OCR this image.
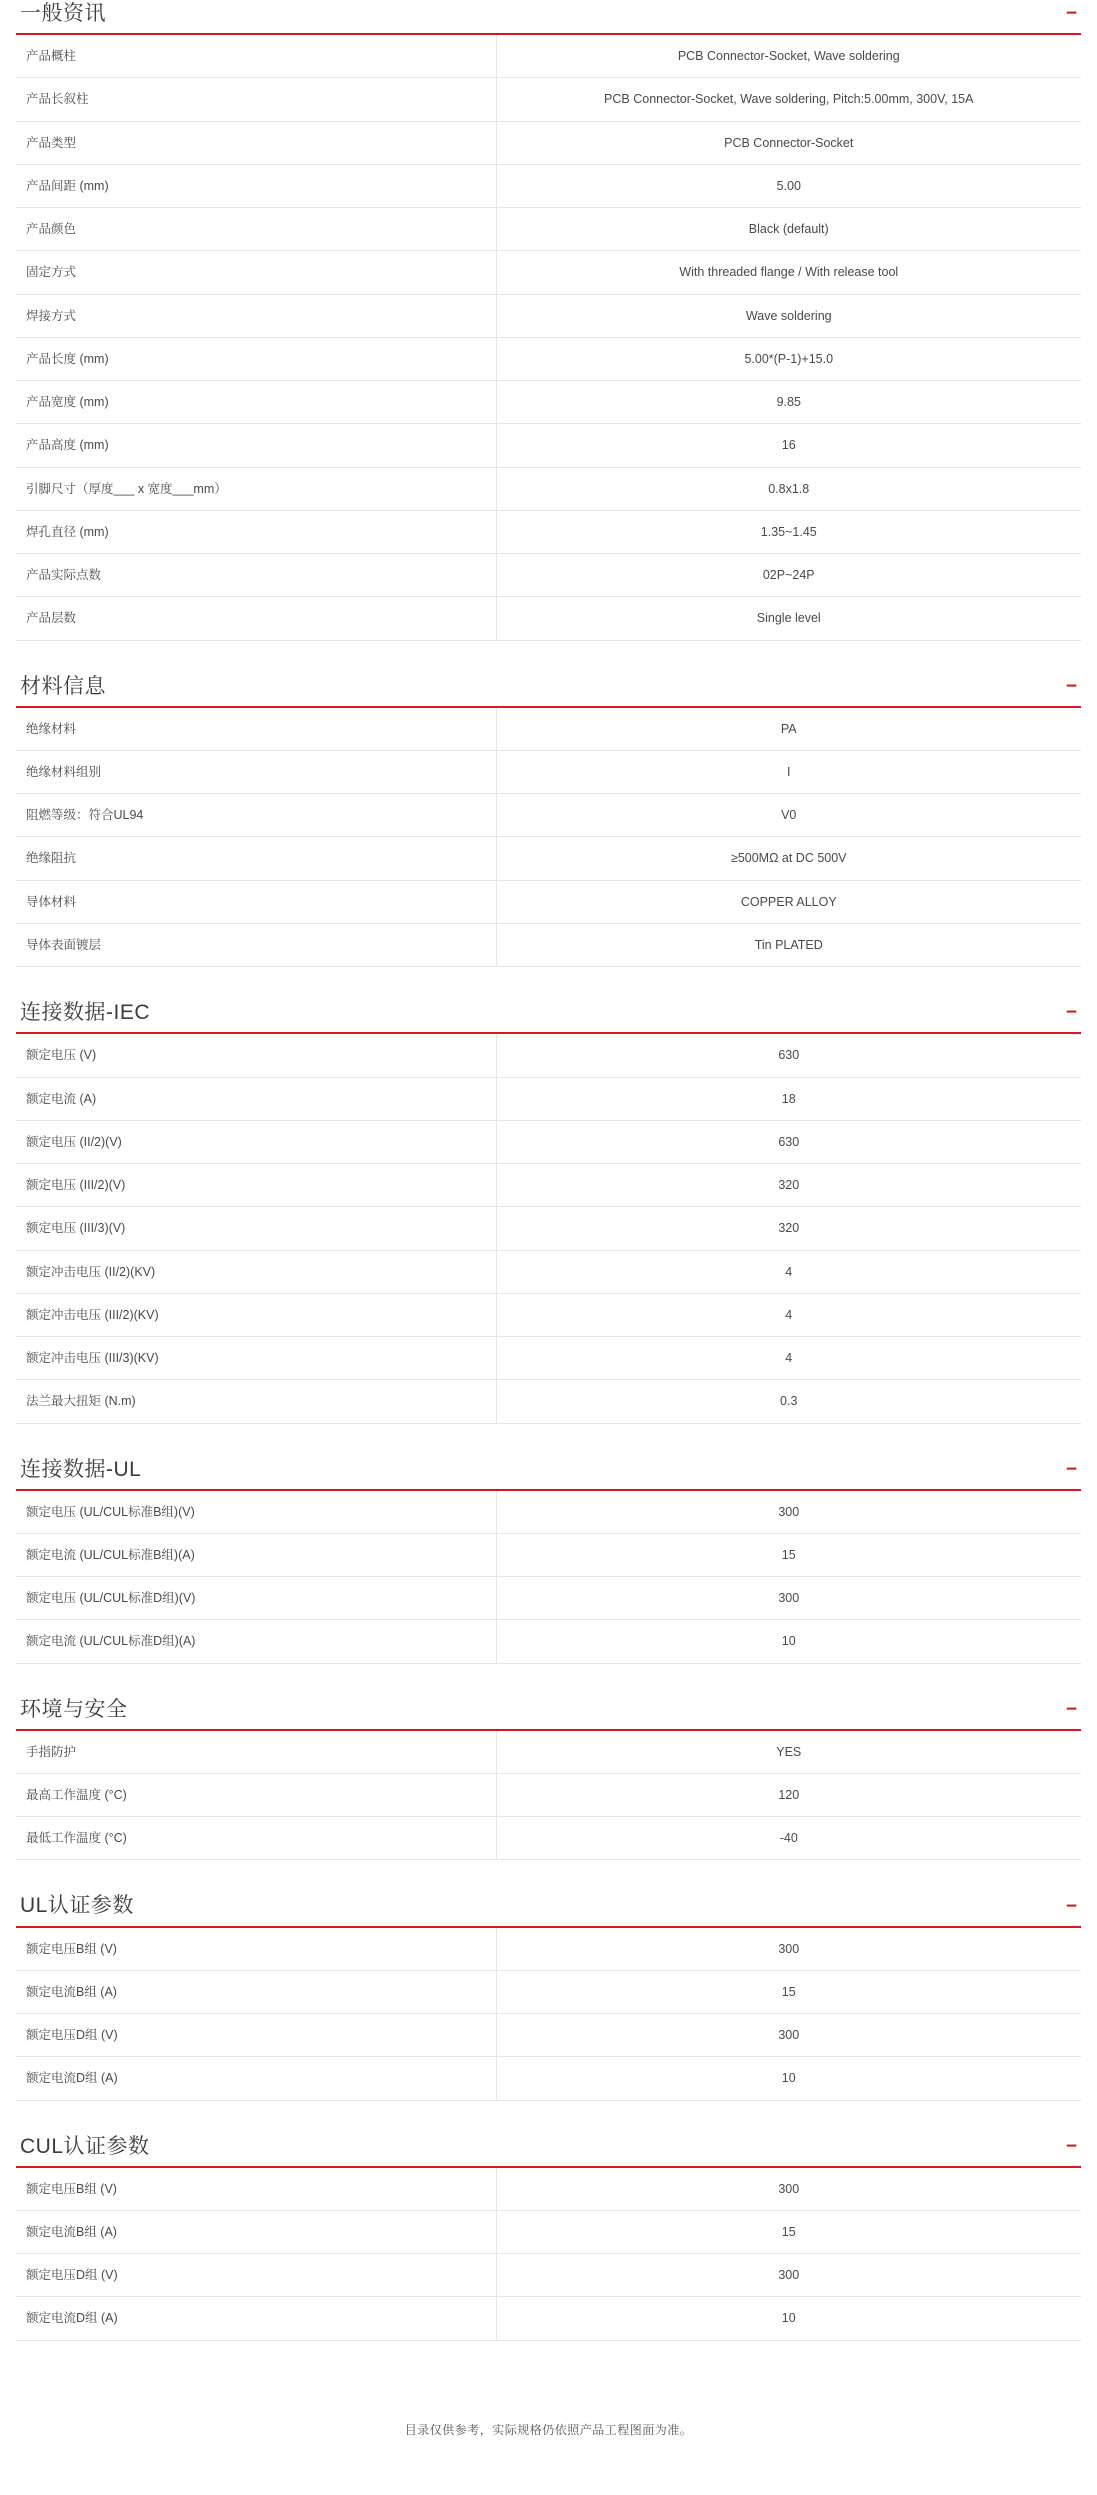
一般资讯	−
产品概柱	PCB Connector-Socket, Wave soldering
产品长叙柱	PCB Connector-Socket, Wave soldering, Pitch:5.00mm, 300V, 15A
产品类型	PCB Connector-Socket
产品间距 (mm)	5.00
产品颜色	Black (default)
固定方式	With threaded flange / With release tool
焊接方式	Wave soldering
产品长度 (mm)	5.00*(P-1)+15.0
产品宽度 (mm)	9.85
产品高度 (mm)	16
引脚尺寸（厚度___ x 宽度___mm）	0.8x1.8
焊孔直径 (mm)	1.35~1.45
产品实际点数	02P~24P
产品层数	Single level
材料信息	−
绝缘材料	PA
绝缘材料组别	I
阻燃等级：符合UL94	V0
绝缘阻抗	≥500MΩ at DC 500V
导体材料	COPPER ALLOY
导体表面镀层	Tin PLATED
连接数据-IEC	−
额定电压 (V)	630
额定电流 (A)	18
额定电压 (II/2)(V)	630
额定电压 (III/2)(V)	320
额定电压 (III/3)(V)	320
额定冲击电压 (II/2)(KV)	4
额定冲击电压 (III/2)(KV)	4
额定冲击电压 (III/3)(KV)	4
法兰最大扭矩 (N.m)	0.3
连接数据-UL	−
额定电压 (UL/CUL标准B组)(V)	300
额定电流 (UL/CUL标准B组)(A)	15
额定电压 (UL/CUL标准D组)(V)	300
额定电流 (UL/CUL标准D组)(A)	10
环境与安全	−
手指防护	YES
最高工作温度 (°C)	120
最低工作温度 (°C)	-40
UL认证参数	−
额定电压B组 (V)	300
额定电流B组 (A)	15
额定电压D组 (V)	300
额定电流D组 (A)	10
CUL认证参数	−
额定电压B组 (V)	300
额定电流B组 (A)	15
额定电压D组 (V)	300
额定电流D组 (A)	10
目录仅供参考，实际规格仍依照产品工程图面为准。
